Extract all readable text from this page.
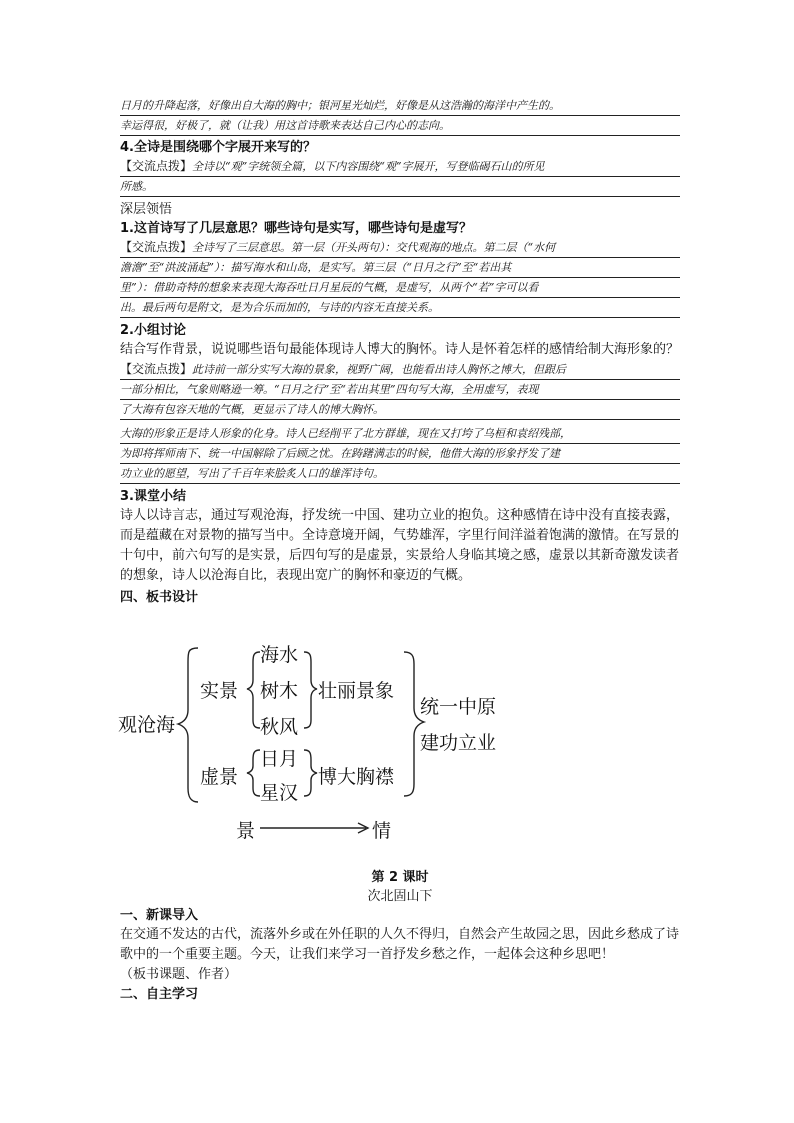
日月的升降起落，好像出自大海的胸中；银河星光灿烂，好像是从这浩瀚的海洋中产生的。
幸运得很，好极了，就（让我）用这首诗歌来表达自己内心的志向。

4.全诗是围绕哪个字展开来写的？

【交流点拨】全诗以“观”字统领全篇，以下内容围绕“观”字展开，写登临碣石山的所见
所感。

深层领悟

1.这首诗写了几层意思？哪些诗句是实写，哪些诗句是虚写？

【交流点拨】全诗写了三层意思。第一层（开头两句）：交代观海的地点。第二层（“水何
澹澹”至“洪波涌起”）：描写海水和山岛，是实写。第三层（“日月之行”至“若出其
里”）：借助奇特的想象来表现大海吞吐日月星辰的气概，是虚写，从两个“若”字可以看
出。最后两句是附文，是为合乐而加的，与诗的内容无直接关系。

2.小组讨论

结合写作背景，说说哪些语句最能体现诗人博大的胸怀。诗人是怀着怎样的感情给制大海形象的？

【交流点拨】此诗前一部分实写大海的景象，视野广阔，也能看出诗人胸怀之博大，但跟后
一部分相比，气象则略逊一筹。“日月之行”至“若出其里”四句写大海，全用虚写，表现
了大海有包容天地的气概，更显示了诗人的博大胸怀。
大海的形象正是诗人形象的化身。诗人已经削平了北方群雄，现在又打垮了乌桓和袁绍残部，
为即将挥师南下、统一中国解除了后顾之忧。在踌躇满志的时候，他借大海的形象抒发了建
功立业的愿望，写出了千百年来脍炙人口的雄浑诗句。

3.课堂小结

诗人以诗言志，通过写观沧海，抒发统一中国、建功立业的抱负。这种感情在诗中没有直接表露，而是蕴藏在对景物的描写当中。全诗意境开阔，气势雄浑，字里行间洋溢着饱满的激情。在写景的十句中，前六句写的是实景，后四句写的是虚景，实景给人身临其境之感，虚景以其新奇激发读者的想象，诗人以沧海自比，表现出宽广的胸怀和豪迈的气概。

四、板书设计

观沧海
实景
海水
树木
秋风
壮丽景象
虚景
日月
星汉
博大胸襟
统一中原
建功立业
景	情

第 2 课时

次北固山下

一、新课导入

在交通不发达的古代，流落外乡或在外任职的人久不得归，自然会产生故园之思，因此乡愁成了诗歌中的一个重要主题。今天，让我们来学习一首抒发乡愁之作，一起体会这种乡思吧！

（板书课题、作者）

二、自主学习
